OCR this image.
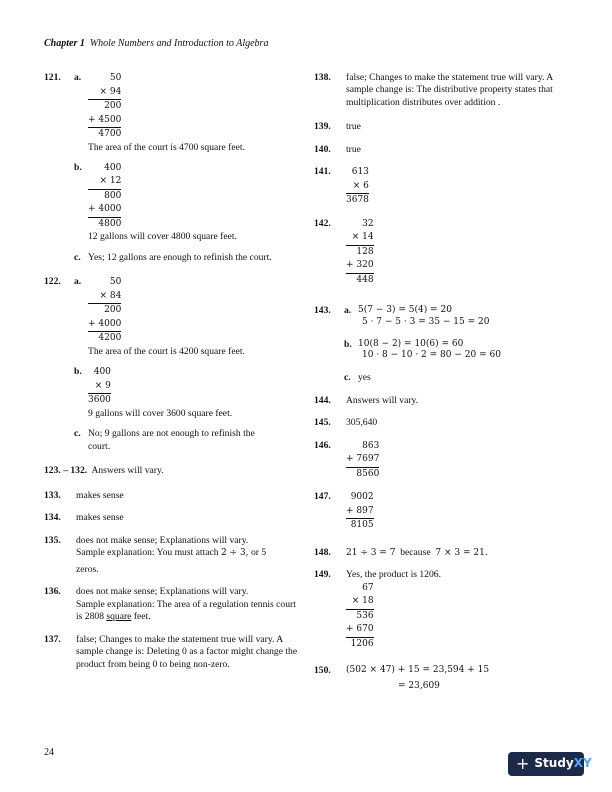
Chapter 1 Whole Numbers and Introduction to Algebra
121. a.	50
× 94
200
+ 4500
4700
The area of the court is 4700 square feet.
b.	400
× 12
800
+ 4000
4800
12 gallons will cover 4800 square feet.
c. Yes; 12 gallons are enough to refinish the court.
122. a.	50
× 84
200
+ 4000
4200
The area of the court is 4200 square feet.
b.	400
× 9
3600
9 gallons will cover 3600 square feet.
c. No; 9 gallons are not enough to refinish the court.
123. – 132. Answers will vary.
133. makes sense
134. makes sense
135. does not make sense; Explanations will vary.
Sample explanation: You must attach 2 ÷ 3, or 5
zeros.
136. does not make sense; Explanations will vary.
Sample explanation: The area of a regulation tennis court is 2808 square feet.
137. false; Changes to make the statement true will vary. A sample change is: Deleting 0 as a factor might change the product from being 0 to being non-zero.
138. false; Changes to make the statement true will vary. A sample change is: The distributive property states that multiplication distributes over addition .
139. true
140. true
141.	613
× 6
3678
142.	32
× 14
128
+ 320
448
143. a. 5(7 − 3) = 5(4) = 20
5 · 7 − 5 · 3 = 35 − 15 = 20
b. 10(8 − 2) = 10(6) = 60
10 · 8 − 10 · 2 = 80 − 20 = 60
c. yes
144. Answers will vary.
145. 305,640
146.	863
+ 7697
8560
147.	9002
+ 897
8105
148. 21 ÷ 3 = 7 because 7 × 3 = 21.
149. Yes, the product is 1206.
67
× 18
536
+ 670
1206
150. (502 × 47) + 15 = 23,594 + 15
= 23,609
24
+ StudyXY
